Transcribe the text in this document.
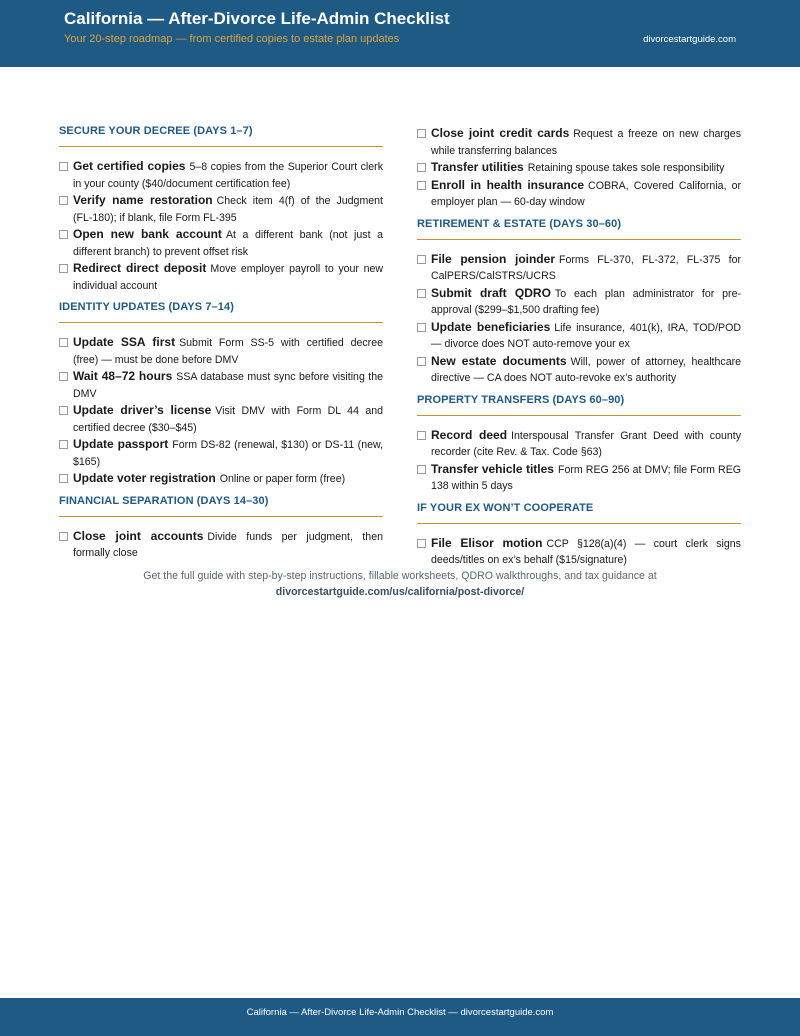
California — After-Divorce Life-Admin Checklist
Your 20-step roadmap — from certified copies to estate plan updates	divorcestartguide.com
SECURE YOUR DECREE (DAYS 1–7)
Get certified copies 5–8 copies from the Superior Court clerk in your county ($40/document certification fee)
Verify name restoration Check item 4(f) of the Judgment (FL-180); if blank, file Form FL-395
Open new bank account At a different bank (not just a different branch) to prevent offset risk
Redirect direct deposit Move employer payroll to your new individual account
IDENTITY UPDATES (DAYS 7–14)
Update SSA first Submit Form SS-5 with certified decree (free) — must be done before DMV
Wait 48–72 hours SSA database must sync before visiting the DMV
Update driver’s license Visit DMV with Form DL 44 and certified decree ($30–$45)
Update passport Form DS-82 (renewal, $130) or DS-11 (new, $165)
Update voter registration Online or paper form (free)
FINANCIAL SEPARATION (DAYS 14–30)
Close joint accounts Divide funds per judgment, then formally close
Close joint credit cards Request a freeze on new charges while transferring balances
Transfer utilities Retaining spouse takes sole responsibility
Enroll in health insurance COBRA, Covered California, or employer plan — 60-day window
RETIREMENT & ESTATE (DAYS 30–60)
File pension joinder Forms FL-370, FL-372, FL-375 for CalPERS/CalSTRS/UCRS
Submit draft QDRO To each plan administrator for pre-approval ($299–$1,500 drafting fee)
Update beneficiaries Life insurance, 401(k), IRA, TOD/POD — divorce does NOT auto-remove your ex
New estate documents Will, power of attorney, healthcare directive — CA does NOT auto-revoke ex’s authority
PROPERTY TRANSFERS (DAYS 60–90)
Record deed Interspousal Transfer Grant Deed with county recorder (cite Rev. & Tax. Code §63)
Transfer vehicle titles Form REG 256 at DMV; file Form REG 138 within 5 days
IF YOUR EX WON’T COOPERATE
File Elisor motion CCP §128(a)(4) — court clerk signs deeds/titles on ex’s behalf ($15/signature)
Get the full guide with step-by-step instructions, fillable worksheets, QDRO walkthroughs, and tax guidance at
divorcestartguide.com/us/california/post-divorce/
California — After-Divorce Life-Admin Checklist — divorcestartguide.com
